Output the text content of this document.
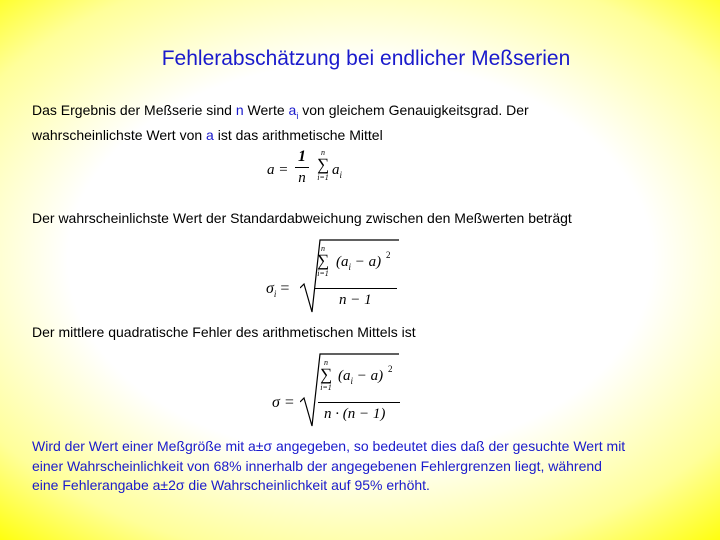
Fehlerabschätzung bei endlicher Meßserien
Das Ergebnis der Meßserie sind n Werte $a_i$ von gleichem Genauigkeitsgrad. Der
wahrscheinlichste Wert von a ist das arithmetische Mittel
a =
1
n
n
∑
i=1 $a_i$
Der wahrscheinlichste Wert der Standardabweichung zwischen den Meßwerten beträgt
$\sigma_i$ =
n
∑
i=1
$(a_i - a)$ 2
n − 1
Der mittlere quadratische Fehler des arithmetischen Mittels ist
σ =
n
∑
i=1
$(a_i - a)$ 2
n · (n − 1)
Wird der Wert einer Meßgröße mit a±σ angegeben, so bedeutet dies daß der gesuchte Wert mit
einer Wahrscheinlichkeit von 68% innerhalb der angegebenen Fehlergrenzen liegt, während
eine Fehlerangabe a±2σ die Wahrscheinlichkeit auf 95% erhöht.
